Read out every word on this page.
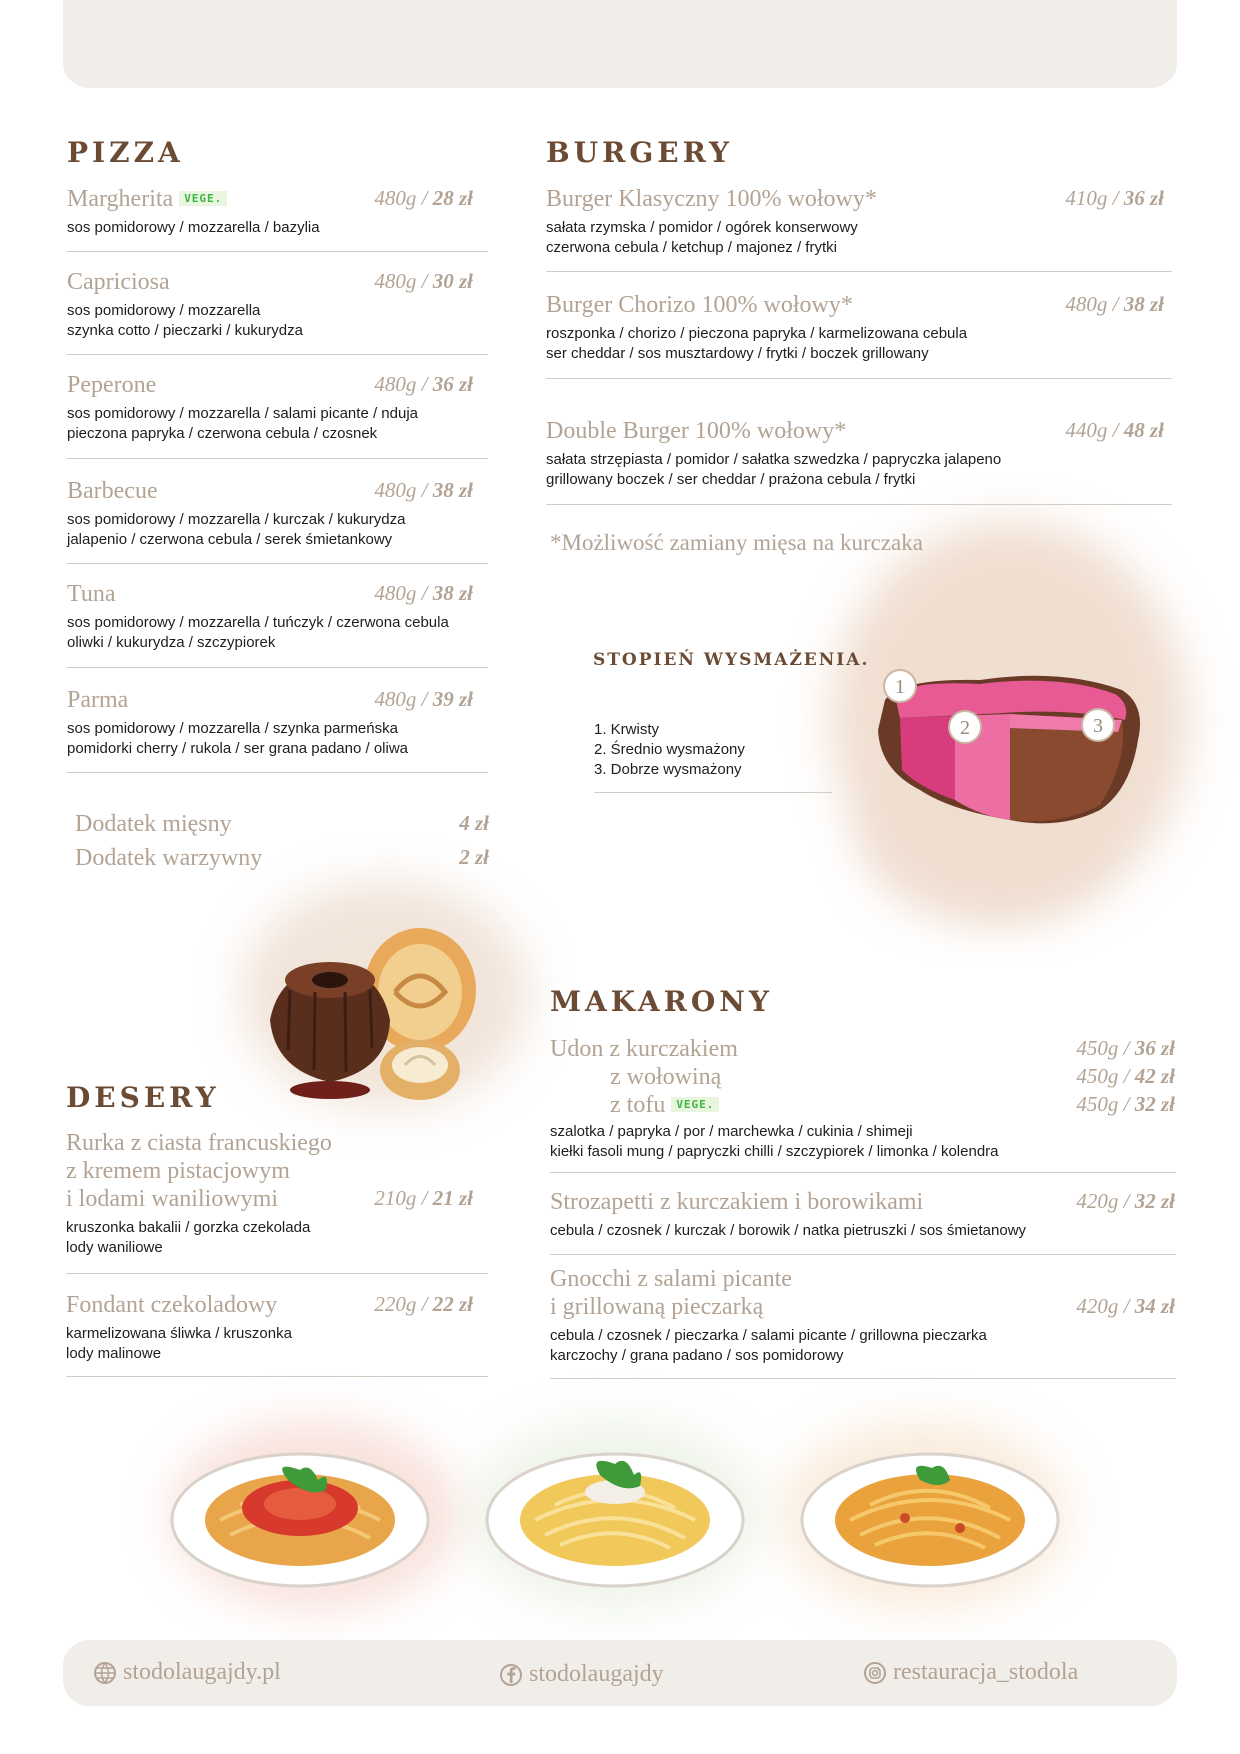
PIZZA
Margherita VEGE.	480g / 28 zł
sos pomidorowy / mozzarella / bazylia
Capriciosa	480g / 30 zł
sos pomidorowy / mozzarella
szynka cotto / pieczarki / kukurydza
Peperone	480g / 36 zł
sos pomidorowy / mozzarella / salami picante / nduja
pieczona papryka / czerwona cebula / czosnek
Barbecue	480g / 38 zł
sos pomidorowy / mozzarella / kurczak / kukurydza
jalapenio / czerwona cebula / serek śmietankowy
Tuna	480g / 38 zł
sos pomidorowy / mozzarella / tuńczyk / czerwona cebula
oliwki / kukurydza / szczypiorek
Parma	480g / 39 zł
sos pomidorowy / mozzarella / szynka parmeńska
pomidorki cherry / rukola / ser grana padano / oliwa
Dodatek mięsny	4 zł
Dodatek warzywny	2 zł
BURGERY
Burger Klasyczny 100% wołowy*	410g / 36 zł
sałata rzymska / pomidor / ogórek konserwowy
czerwona cebula / ketchup / majonez / frytki
Burger Chorizo 100% wołowy*	480g / 38 zł
roszponka / chorizo / pieczona papryka / karmelizowana cebula
ser cheddar / sos musztardowy / frytki / boczek grillowany
Double Burger 100% wołowy*	440g / 48 zł
sałata strzępiasta / pomidor / sałatka szwedzka / papryczka jalapeno
grillowany boczek / ser cheddar / prażona cebula / frytki
*Możliwość zamiany mięsa na kurczaka
STOPIEŃ WYSMAŻENIA.
1. Krwisty
2. Średnio wysmażony
3. Dobrze wysmażony
1
2	3
DESERY
Rurka z ciasta francuskiego
z kremem pistacjowym
i lodami waniliowymi	210g / 21 zł
kruszonka bakalii / gorzka czekolada
lody waniliowe
Fondant czekoladowy	220g / 22 zł
karmelizowana śliwka / kruszonka
lody malinowe
MAKARONY
Udon z kurczakiem	450g / 36 zł
z wołowiną	450g / 42 zł
z tofu VEGE.	450g / 32 zł
szalotka / papryka / por / marchewka / cukinia / shimeji
kiełki fasoli mung / papryczki chilli / szczypiorek / limonka / kolendra
Strozapetti z kurczakiem i borowikami	420g / 32 zł
cebula / czosnek / kurczak / borowik / natka pietruszki / sos śmietanowy
Gnocchi z salami picante
i grillowaną pieczarką	420g / 34 zł
cebula / czosnek / pieczarka / salami picante / grillowna pieczarka
karczochy / grana padano / sos pomidorowy
stodolaugajdy.pl	stodolaugajdy	restauracja_stodola
